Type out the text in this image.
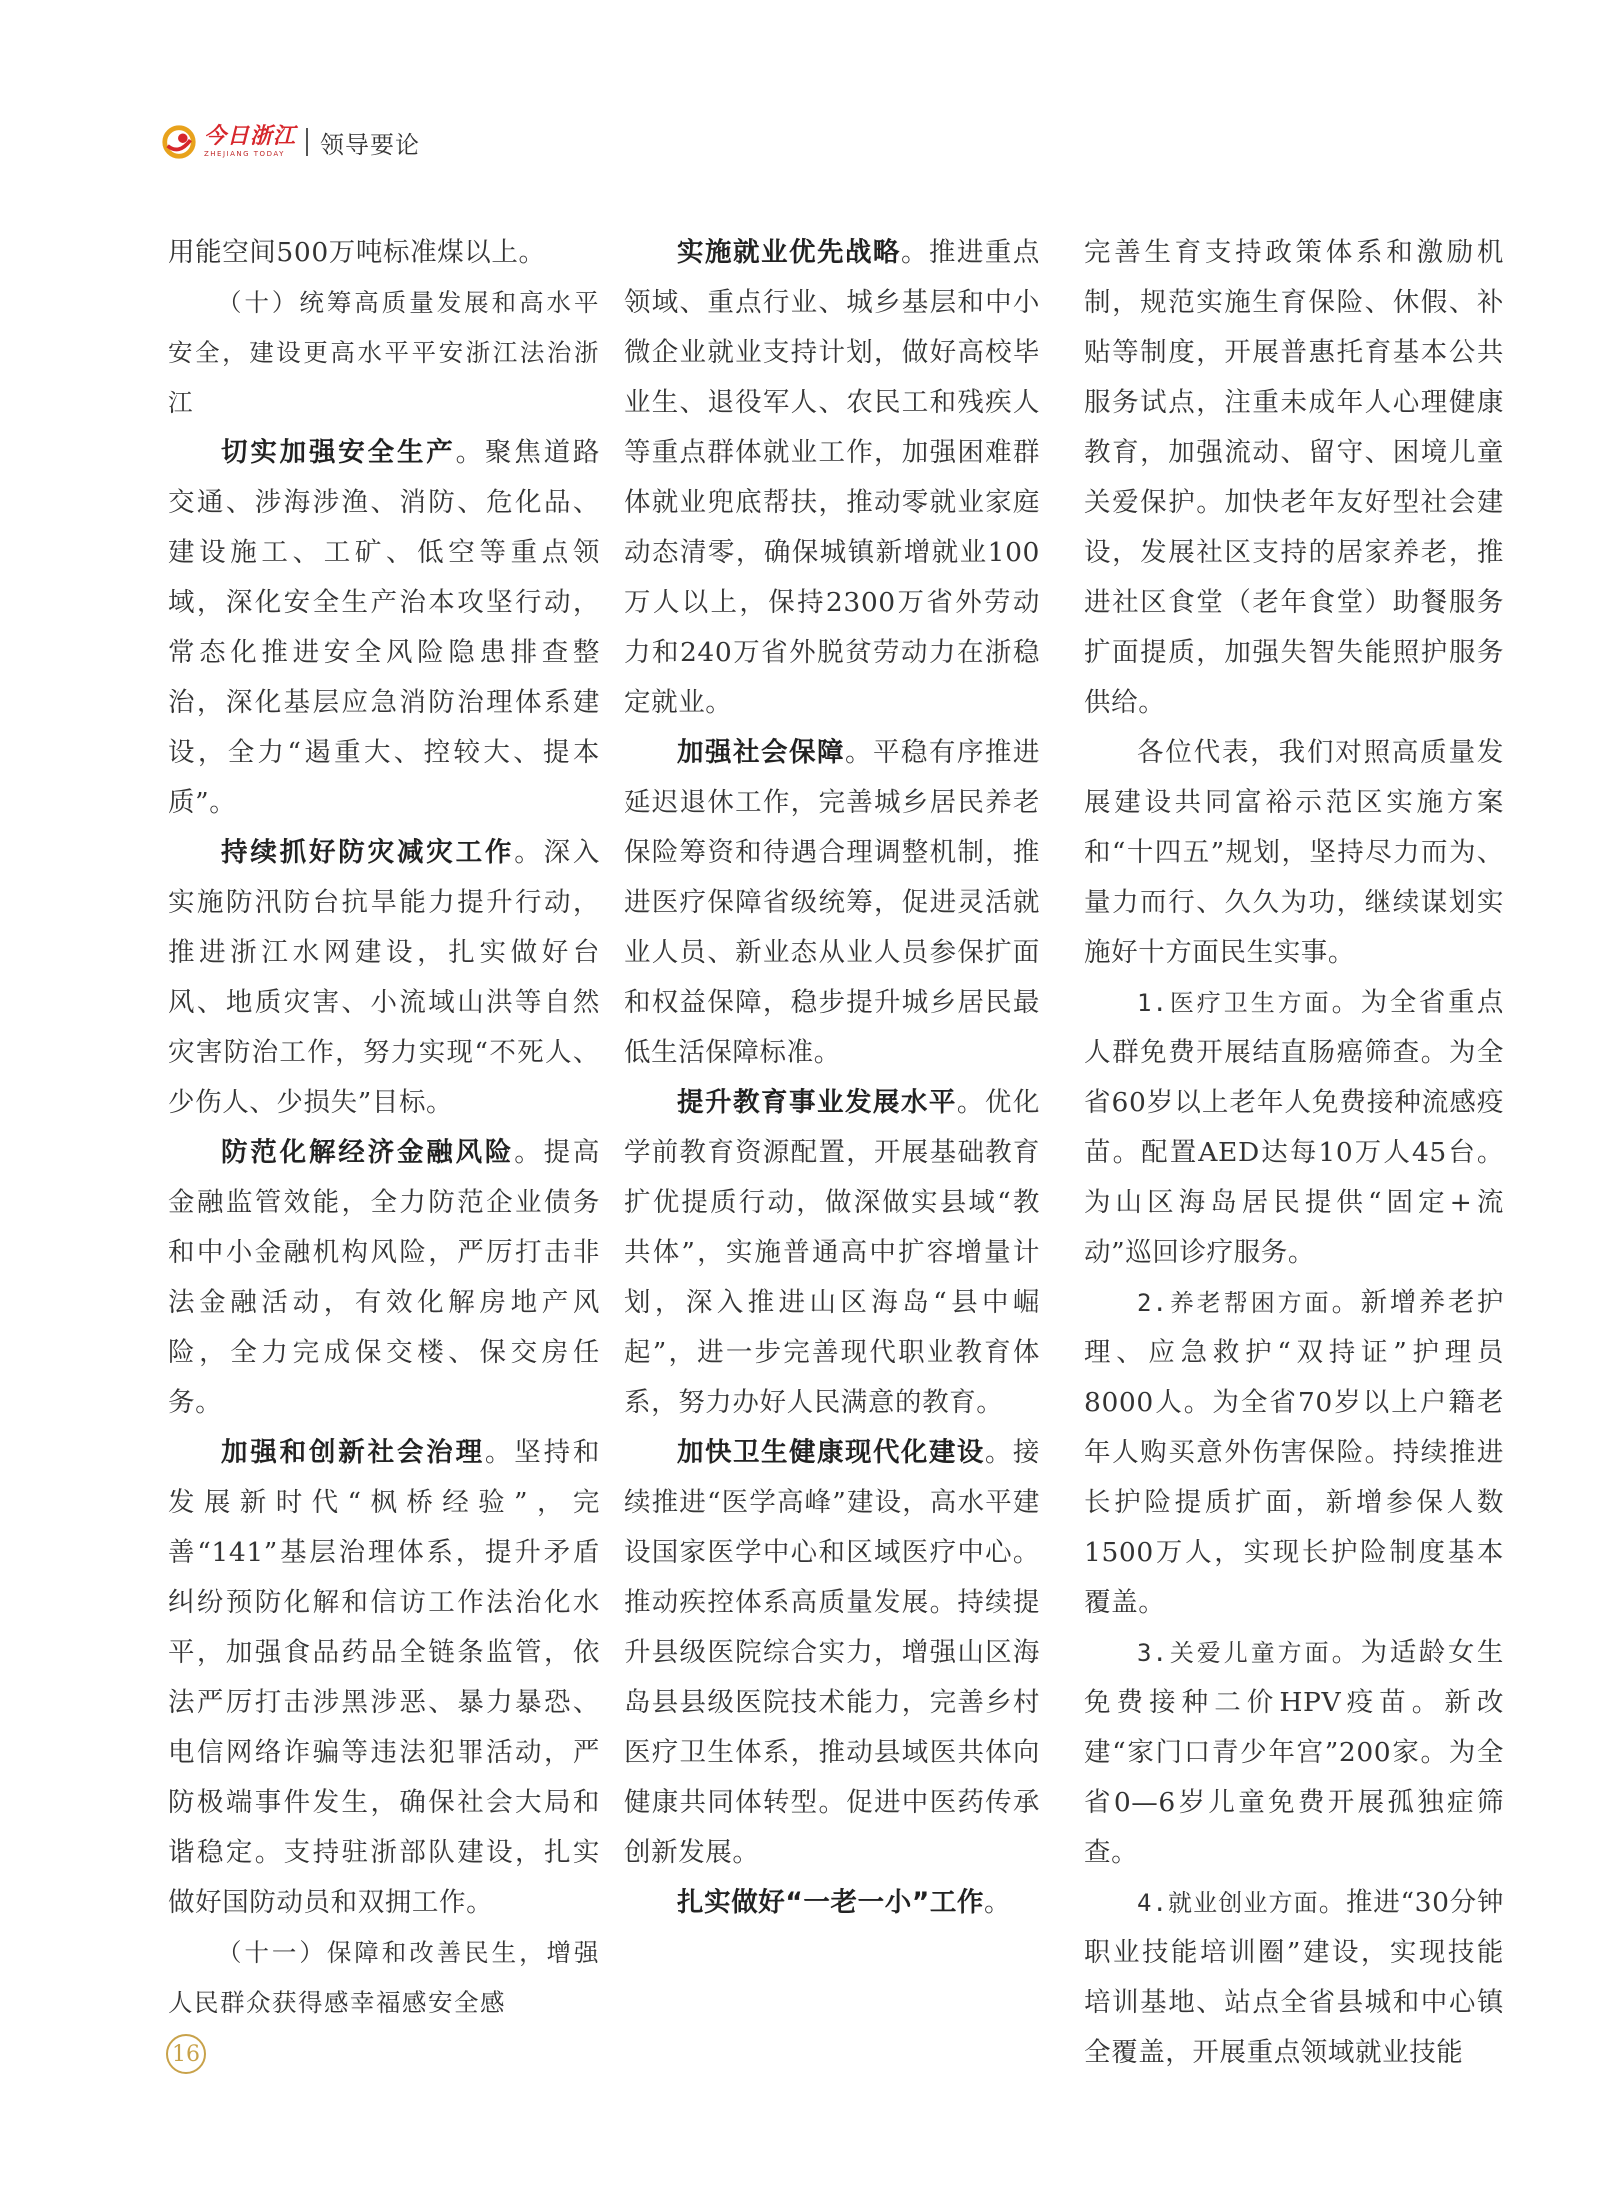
今日浙江
ZHEJIANG TODAY	领导要论

用能空间500万吨标准煤以上。

（十）统筹高质量发展和高水平安全，建设更高水平平安浙江法治浙江

切实加强安全生产。聚焦道路交通、涉海涉渔、消防、危化品、建设施工、工矿、低空等重点领域，深化安全生产治本攻坚行动，常态化推进安全风险隐患排查整治，深化基层应急消防治理体系建设，全力“遏重大、控较大、提本质”。

持续抓好防灾减灾工作。深入实施防汛防台抗旱能力提升行动，推进浙江水网建设，扎实做好台风、地质灾害、小流域山洪等自然灾害防治工作，努力实现“不死人、少伤人、少损失”目标。

防范化解经济金融风险。提高金融监管效能，全力防范企业债务和中小金融机构风险，严厉打击非法金融活动，有效化解房地产风险，全力完成保交楼、保交房任务。

加强和创新社会治理。坚持和发展新时代“枫桥经验”，完善“141”基层治理体系，提升矛盾纠纷预防化解和信访工作法治化水平，加强食品药品全链条监管，依法严厉打击涉黑涉恶、暴力暴恐、电信网络诈骗等违法犯罪活动，严防极端事件发生，确保社会大局和谐稳定。支持驻浙部队建设，扎实做好国防动员和双拥工作。

（十一）保障和改善民生，增强人民群众获得感幸福感安全感

实施就业优先战略。推进重点领域、重点行业、城乡基层和中小微企业就业支持计划，做好高校毕业生、退役军人、农民工和残疾人等重点群体就业工作，加强困难群体就业兜底帮扶，推动零就业家庭动态清零，确保城镇新增就业100万人以上，保持2300万省外劳动力和240万省外脱贫劳动力在浙稳定就业。

加强社会保障。平稳有序推进延迟退休工作，完善城乡居民养老保险筹资和待遇合理调整机制，推进医疗保障省级统筹，促进灵活就业人员、新业态从业人员参保扩面和权益保障，稳步提升城乡居民最低生活保障标准。

提升教育事业发展水平。优化学前教育资源配置，开展基础教育扩优提质行动，做深做实县域“教共体”，实施普通高中扩容增量计划，深入推进山区海岛“县中崛起”，进一步完善现代职业教育体系，努力办好人民满意的教育。

加快卫生健康现代化建设。接续推进“医学高峰”建设，高水平建设国家医学中心和区域医疗中心。推动疾控体系高质量发展。持续提升县级医院综合实力，增强山区海岛县县级医院技术能力，完善乡村医疗卫生体系，推动县域医共体向健康共同体转型。促进中医药传承创新发展。

扎实做好“一老一小”工作。

完善生育支持政策体系和激励机制，规范实施生育保险、休假、补贴等制度，开展普惠托育基本公共服务试点，注重未成年人心理健康教育，加强流动、留守、困境儿童关爱保护。加快老年友好型社会建设，发展社区支持的居家养老，推进社区食堂（老年食堂）助餐服务扩面提质，加强失智失能照护服务供给。

各位代表，我们对照高质量发展建设共同富裕示范区实施方案和“十四五”规划，坚持尽力而为、量力而行、久久为功，继续谋划实施好十方面民生实事。

1.医疗卫生方面。为全省重点人群免费开展结直肠癌筛查。为全省60岁以上老年人免费接种流感疫苗。配置AED达每10万人45台。为山区海岛居民提供“固定+流动”巡回诊疗服务。

2.养老帮困方面。新增养老护理、应急救护“双持证”护理员8000人。为全省70岁以上户籍老年人购买意外伤害保险。持续推进长护险提质扩面，新增参保人数1500万人，实现长护险制度基本覆盖。

3.关爱儿童方面。为适龄女生免费接种二价HPV疫苗。新改建“家门口青少年宫”200家。为全省0—6岁儿童免费开展孤独症筛查。

4.就业创业方面。推进“30分钟职业技能培训圈”建设，实现技能培训基地、站点全省县城和中心镇全覆盖，开展重点领域就业技能

16
